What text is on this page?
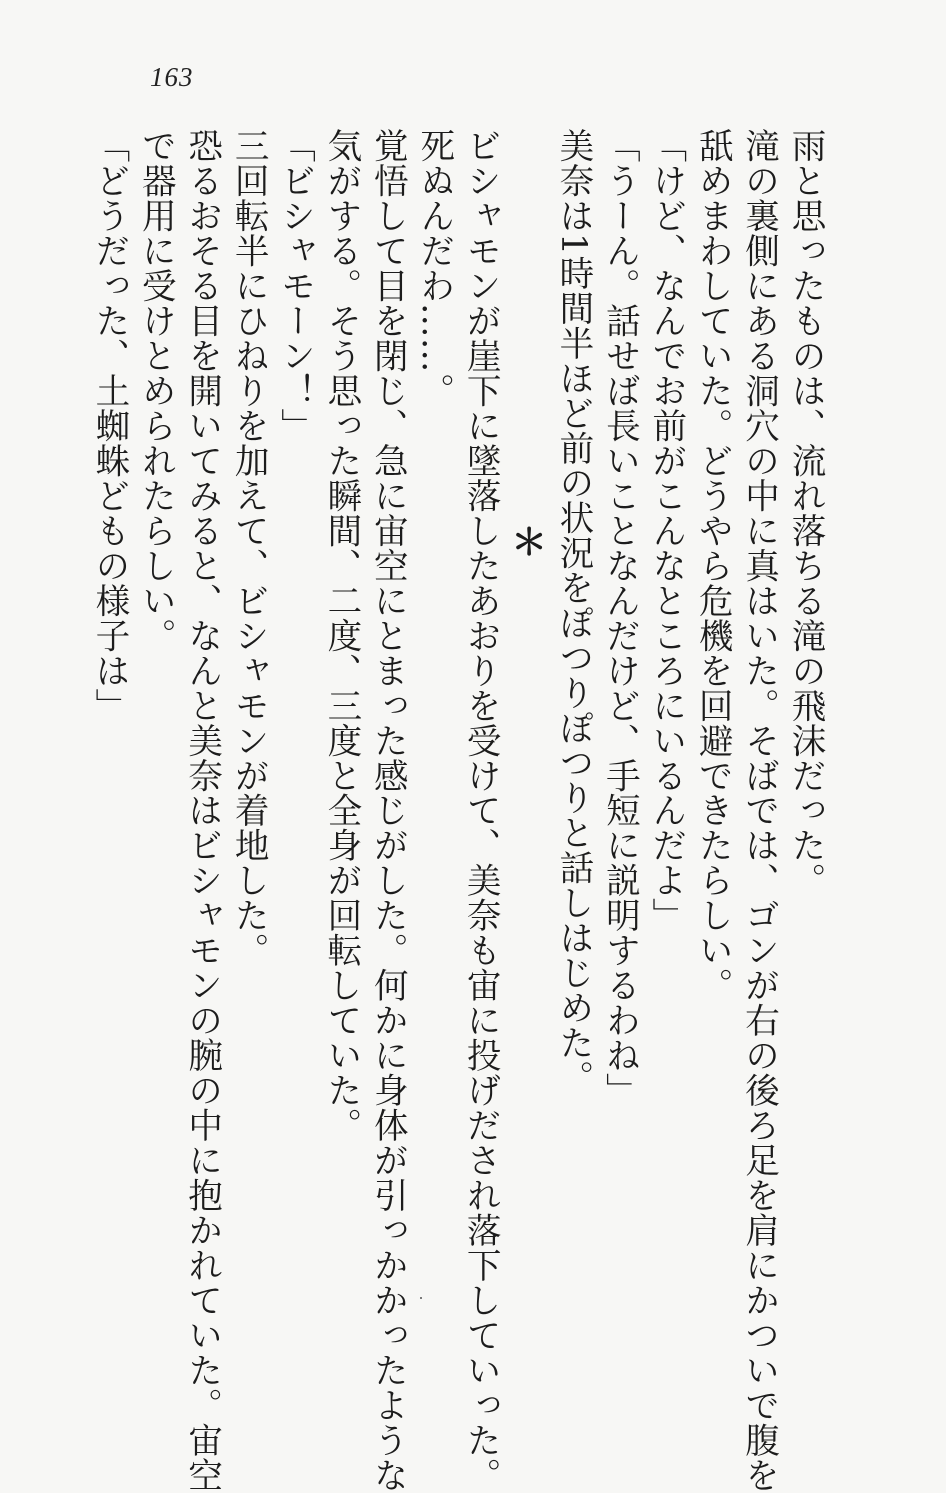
163
雨と思ったものは、流れ落ちる滝の飛沫だった。
滝の裏側にある洞穴の中に真はいた。そばでは、ゴンが右の後ろ足を肩にかついで腹を
舐めまわしていた。どうやら危機を回避できたらしい。
「けど、なんでお前がこんなところにいるんだよ」
「うーん。話せば長いことなんだけど、手短に説明するわね」
美奈は1時間半ほど前の状況をぽつりぽつりと話しはじめた。
＊
ビシャモンが崖下に墜落したあおりを受けて、美奈も宙に投げだされ落下していった。
死ぬんだわ……。
覚悟して目を閉じ、急に宙空にとまった感じがした。何かに身体が引っかかったような
気がする。そう思った瞬間、二度、三度と全身が回転していた。
「ビシャモーン！」
三回転半にひねりを加えて、ビシャモンが着地した。
恐るおそる目を開いてみると、なんと美奈はビシャモンの腕の中に抱かれていた。宙空
で器用に受けとめられたらしい。
「どうだった、土蜘蛛どもの様子は」
